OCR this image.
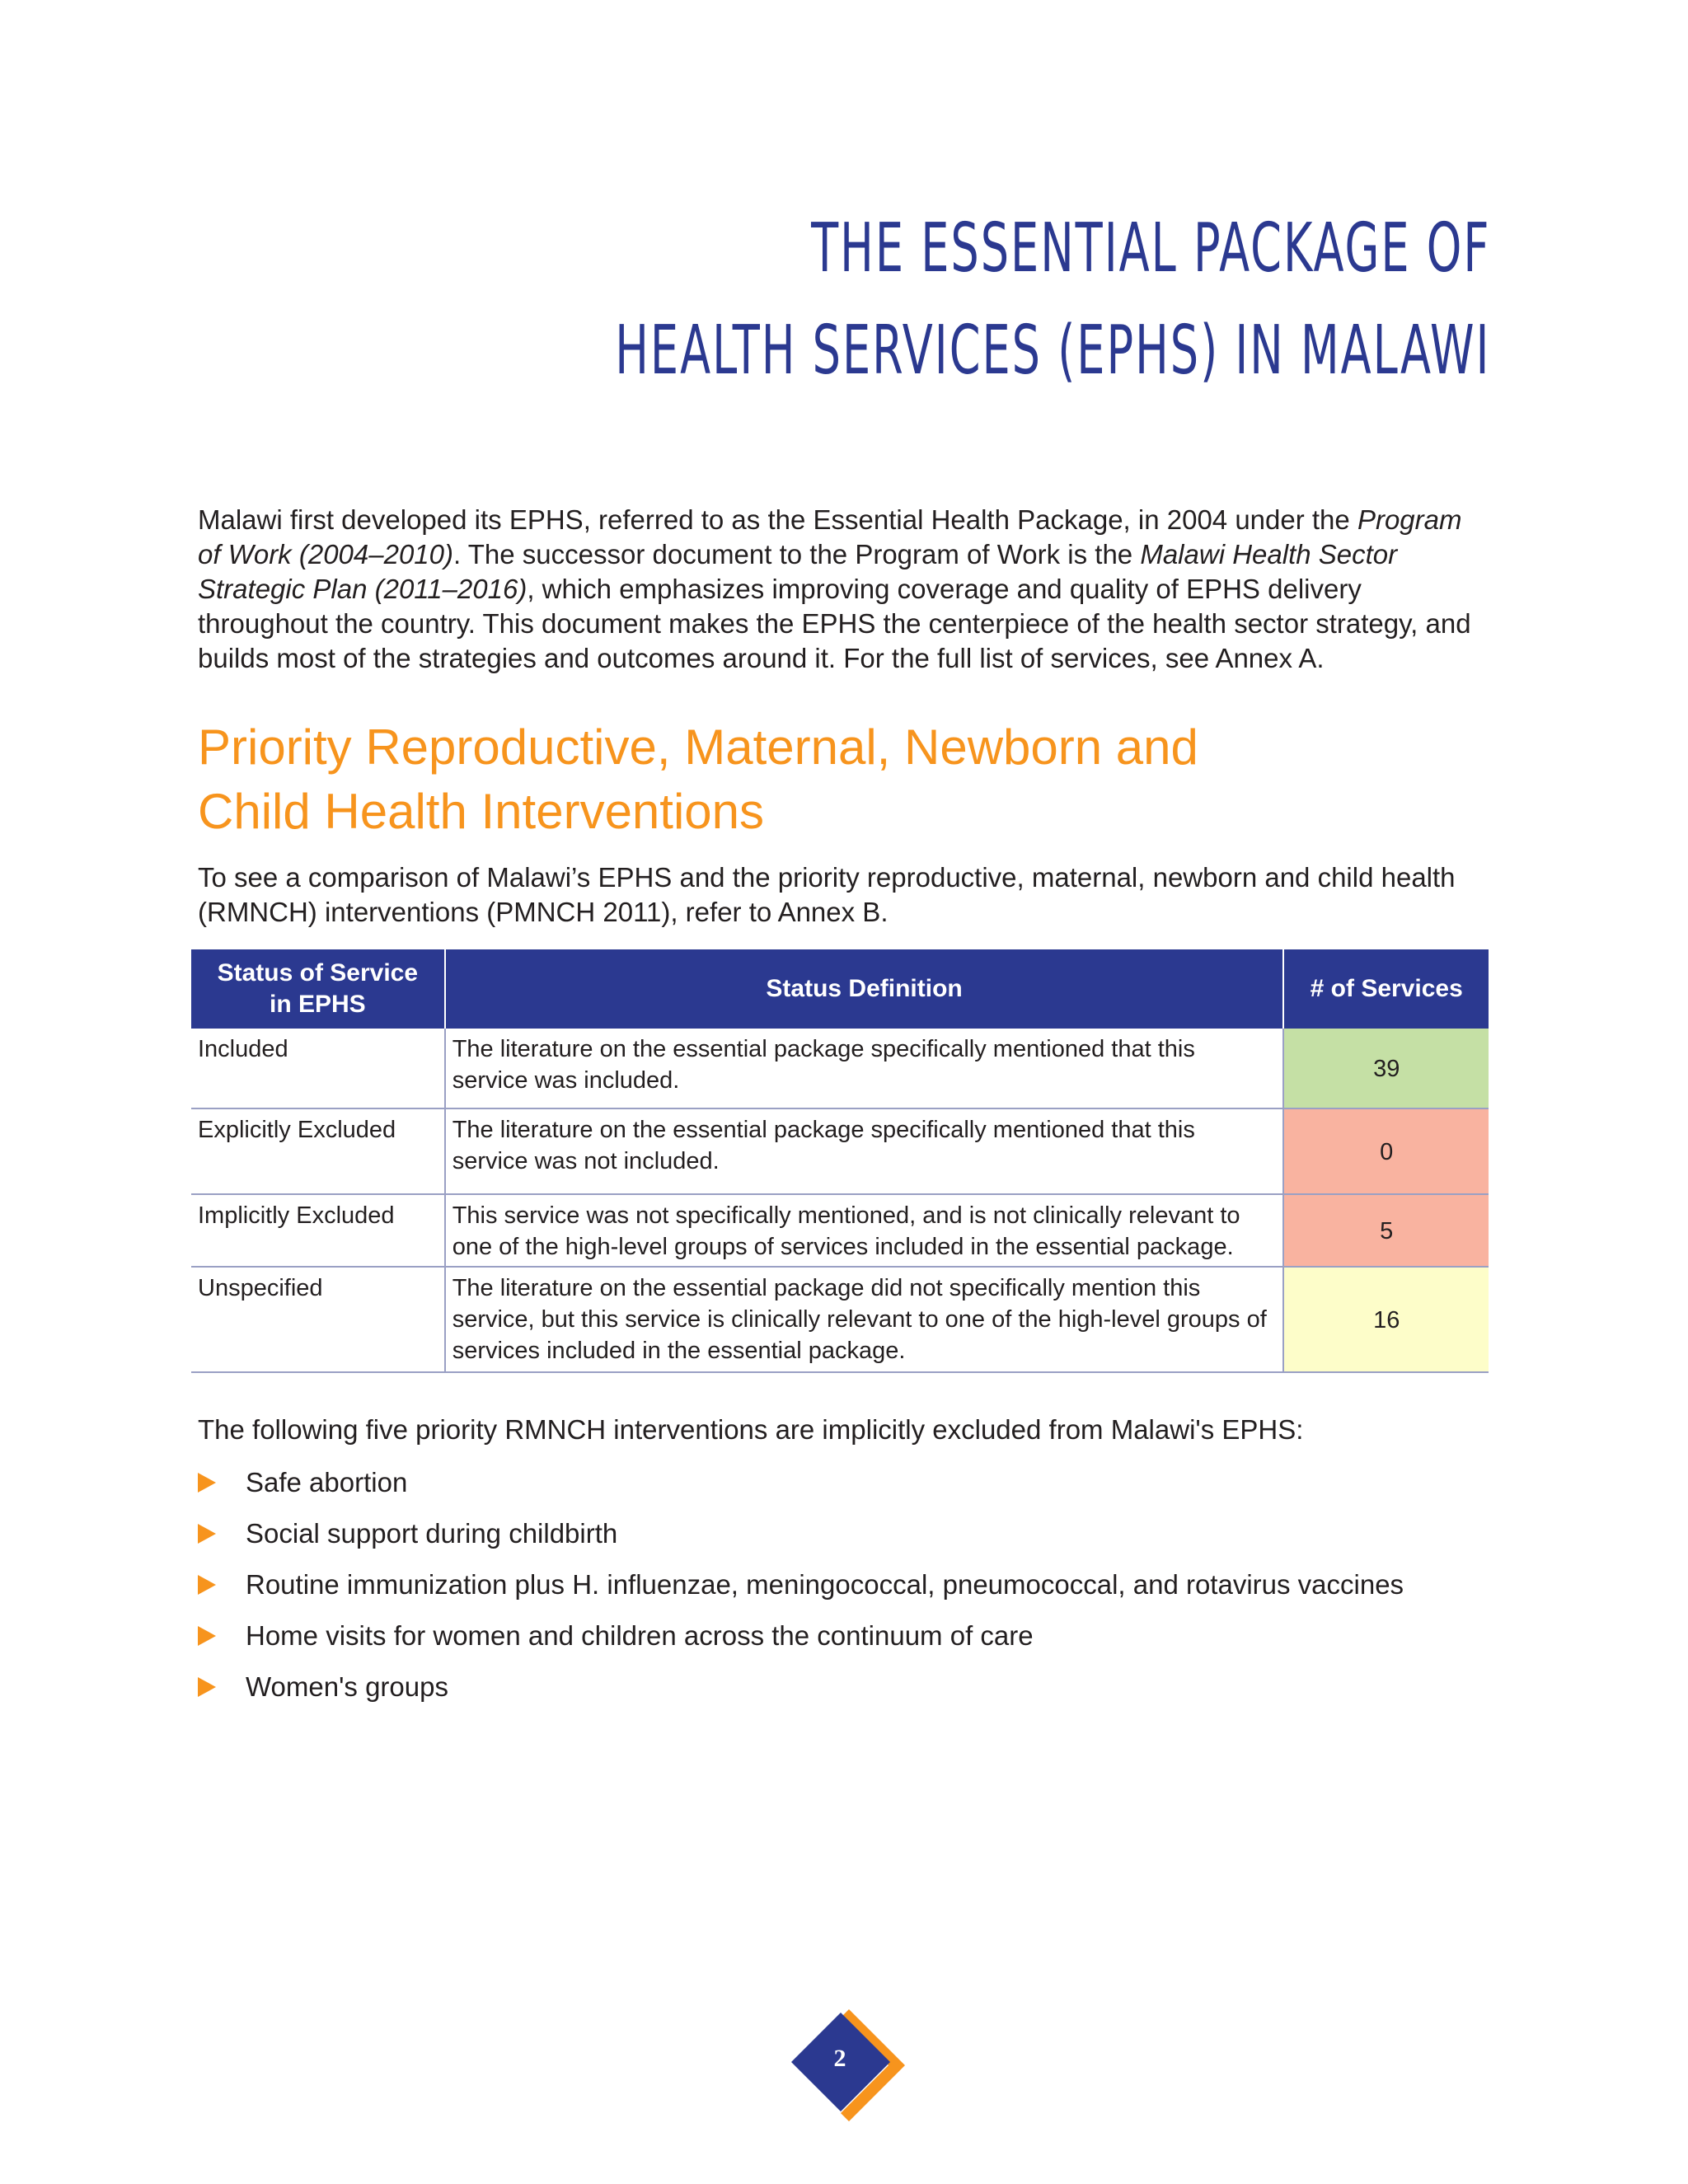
THE ESSENTIAL PACKAGE OF
HEALTH SERVICES (EPHS) IN MALAWI

Malawi first developed its EPHS, referred to as the Essential Health Package, in 2004 under the Program of Work (2004–2010). The successor document to the Program of Work is the Malawi Health Sector Strategic Plan (2011–2016), which emphasizes improving coverage and quality of EPHS delivery throughout the country. This document makes the EPHS the centerpiece of the health sector strategy, and builds most of the strategies and outcomes around it. For the full list of services, see Annex A.

Priority Reproductive, Maternal, Newborn and
Child Health Interventions

To see a comparison of Malawi’s EPHS and the priority reproductive, maternal, newborn and child health (RMNCH) interventions (PMNCH 2011), refer to Annex B.

Status of Service
in EPHS	Status Definition	# of Services
Included	The literature on the essential package specifically mentioned that this service was included.	39
Explicitly Excluded	The literature on the essential package specifically mentioned that this service was not included.	0
Implicitly Excluded	This service was not specifically mentioned, and is not clinically relevant to one of the high-level groups of services included in the essential package.	5
Unspecified	The literature on the essential package did not specifically mention this service, but this service is clinically relevant to one of the high-level groups of services included in the essential package.	16

The following five priority RMNCH interventions are implicitly excluded from Malawi's EPHS:

Safe abortion
Social support during childbirth
Routine immunization plus H. influenzae, meningococcal, pneumococcal, and rotavirus vaccines
Home visits for women and children across the continuum of care
Women's groups
2
